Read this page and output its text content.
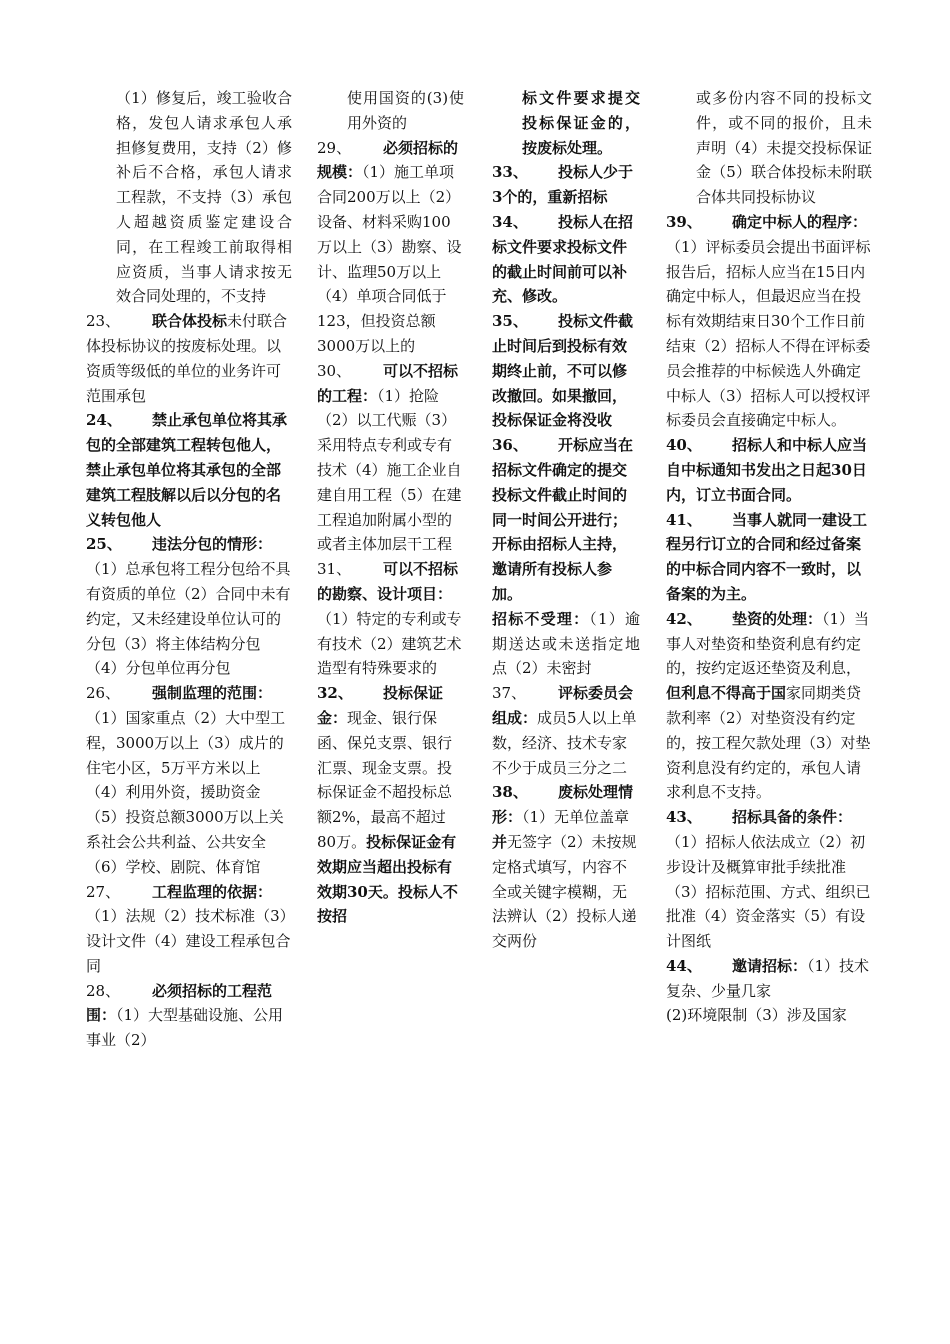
（1）修复后，竣工验收合格，发包人请求承包人承担修复费用，支持（2）修补后不合格，承包人请求工程款，不支持（3）承包人超越资质鉴定建设合同，在工程竣工前取得相应资质，当事人请求按无效合同处理的，不支持
23、 联合体投标未付联合体投标协议的按废标处理。以资质等级低的单位的业务许可范围承包
24、 禁止承包单位将其承包的全部建筑工程转包他人，禁止承包单位将其承包的全部建筑工程肢解以后以分包的名义转包他人
25、 违法分包的情形：（1）总承包将工程分包给不具有资质的单位（2）合同中未有约定，又未经建设单位认可的分包（3）将主体结构分包（4）分包单位再分包
26、 强制监理的范围：（1）国家重点（2）大中型工程，3000万以上（3）成片的住宅小区，5万平方米以上（4）利用外资，援助资金（5）投资总额3000万以上关系社会公共利益、公共安全（6）学校、剧院、体育馆
27、 工程监理的依据：（1）法规（2）技术标准（3）设计文件（4）建设工程承包合同
28、 必须招标的工程范围：（1）大型基础设施、公用事业（2）
使用国资的(3)使用外资的
29、 必须招标的规模：（1）施工单项合同200万以上（2）设备、材料采购100万以上（3）勘察、设计、监理50万以上（4）单项合同低于123，但投资总额3000万以上的
30、 可以不招标的工程：（1）抢险（2）以工代赈（3）采用特点专利或专有技术（4）施工企业自建自用工程（5）在建工程追加附属小型的或者主体加层干工程
31、 可以不招标的勘察、设计项目：（1）特定的专利或专有技术（2）建筑艺术造型有特殊要求的
32、 投标保证金：现金、银行保函、保兑支票、银行汇票、现金支票。投标保证金不超投标总额2%，最高不超过80万。投标保证金有效期应当超出投标有效期30天。投标人不按招
标文件要求提交投标保证金的，按废标处理。
33、 投标人少于3个的，重新招标
34、 投标人在招标文件要求投标文件的截止时间前可以补充、修改。
35、 投标文件截止时间后到投标有效期终止前，不可以修改撤回。如果撤回，投标保证金将没收
36、 开标应当在招标文件确定的提交投标文件截止时间的同一时间公开进行；开标由招标人主持，邀请所有投标人参加。
招标不受理：（1）逾期送达或未送指定地点（2）未密封
37、 评标委员会组成：成员5人以上单数，经济、技术专家不少于成员三分之二
38、 废标处理情形：（1）无单位盖章并无签字（2）未按规定格式填写，内容不全或关键字模糊，无法辨认（2）投标人递交两份
或多份内容不同的投标文件，或不同的报价，且未声明（4）未提交投标保证金（5）联合体投标未附联合体共同投标协议
39、 确定中标人的程序：（1）评标委员会提出书面评标报告后，招标人应当在15日内确定中标人，但最迟应当在投标有效期结束日30个工作日前结束（2）招标人不得在评标委员会推荐的中标候选人外确定中标人（3）招标人可以授权评标委员会直接确定中标人。
40、 招标人和中标人应当自中标通知书发出之日起30日内，订立书面合同。
41、 当事人就同一建设工程另行订立的合同和经过备案的中标合同内容不一致时，以备案的为主。
42、 垫资的处理：（1）当事人对垫资和垫资利息有约定的，按约定返还垫资及利息，但利息不得高于国家同期类贷款利率（2）对垫资没有约定的，按工程欠款处理（3）对垫资利息没有约定的，承包人请求利息不支持。
43、 招标具备的条件：（1）招标人依法成立（2）初步设计及概算审批手续批准（3）招标范围、方式、组织已批准（4）资金落实（5）有设计图纸
44、 邀请招标：（1）技术复杂、少量几家
(2)环境限制（3）涉及国家
